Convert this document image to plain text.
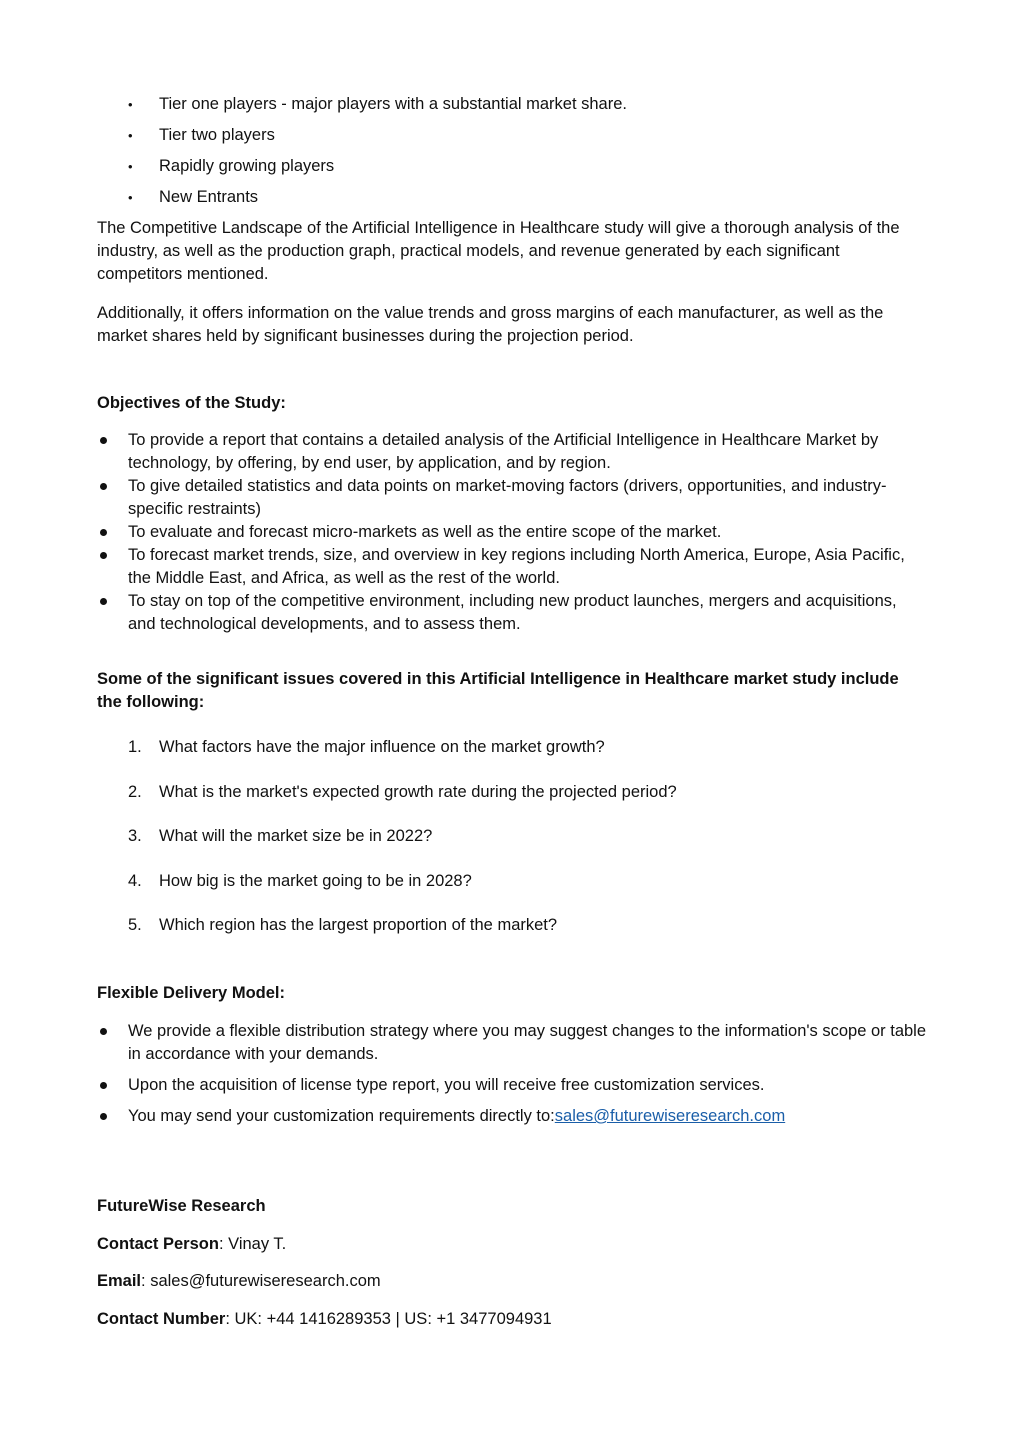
• Tier one players - major players with a substantial market share.
• Tier two players
• Rapidly growing players
• New Entrants

The Competitive Landscape of the Artificial Intelligence in Healthcare study will give a thorough analysis of the industry, as well as the production graph, practical models, and revenue generated by each significant competitors mentioned.

Additionally, it offers information on the value trends and gross margins of each manufacturer, as well as the market shares held by significant businesses during the projection period.

Objectives of the Study:

To provide a report that contains a detailed analysis of the Artificial Intelligence in Healthcare Market by technology, by offering, by end user, by application, and by region.
To give detailed statistics and data points on market-moving factors (drivers, opportunities, and industry-specific restraints)
To evaluate and forecast micro-markets as well as the entire scope of the market.
To forecast market trends, size, and overview in key regions including North America, Europe, Asia Pacific, the Middle East, and Africa, as well as the rest of the world.
To stay on top of the competitive environment, including new product launches, mergers and acquisitions, and technological developments, and to assess them.

Some of the significant issues covered in this Artificial Intelligence in Healthcare market study include the following:

1. What factors have the major influence on the market growth?
2. What is the market's expected growth rate during the projected period?
3. What will the market size be in 2022?
4. How big is the market going to be in 2028?
5. Which region has the largest proportion of the market?

Flexible Delivery Model:

We provide a flexible distribution strategy where you may suggest changes to the information's scope or table in accordance with your demands.
Upon the acquisition of license type report, you will receive free customization services.
You may send your customization requirements directly to:sales@futurewiseresearch.com

FutureWise Research

Contact Person: Vinay T.

Email: sales@futurewiseresearch.com

Contact Number: UK: +44 1416289353 | US: +1 3477094931
